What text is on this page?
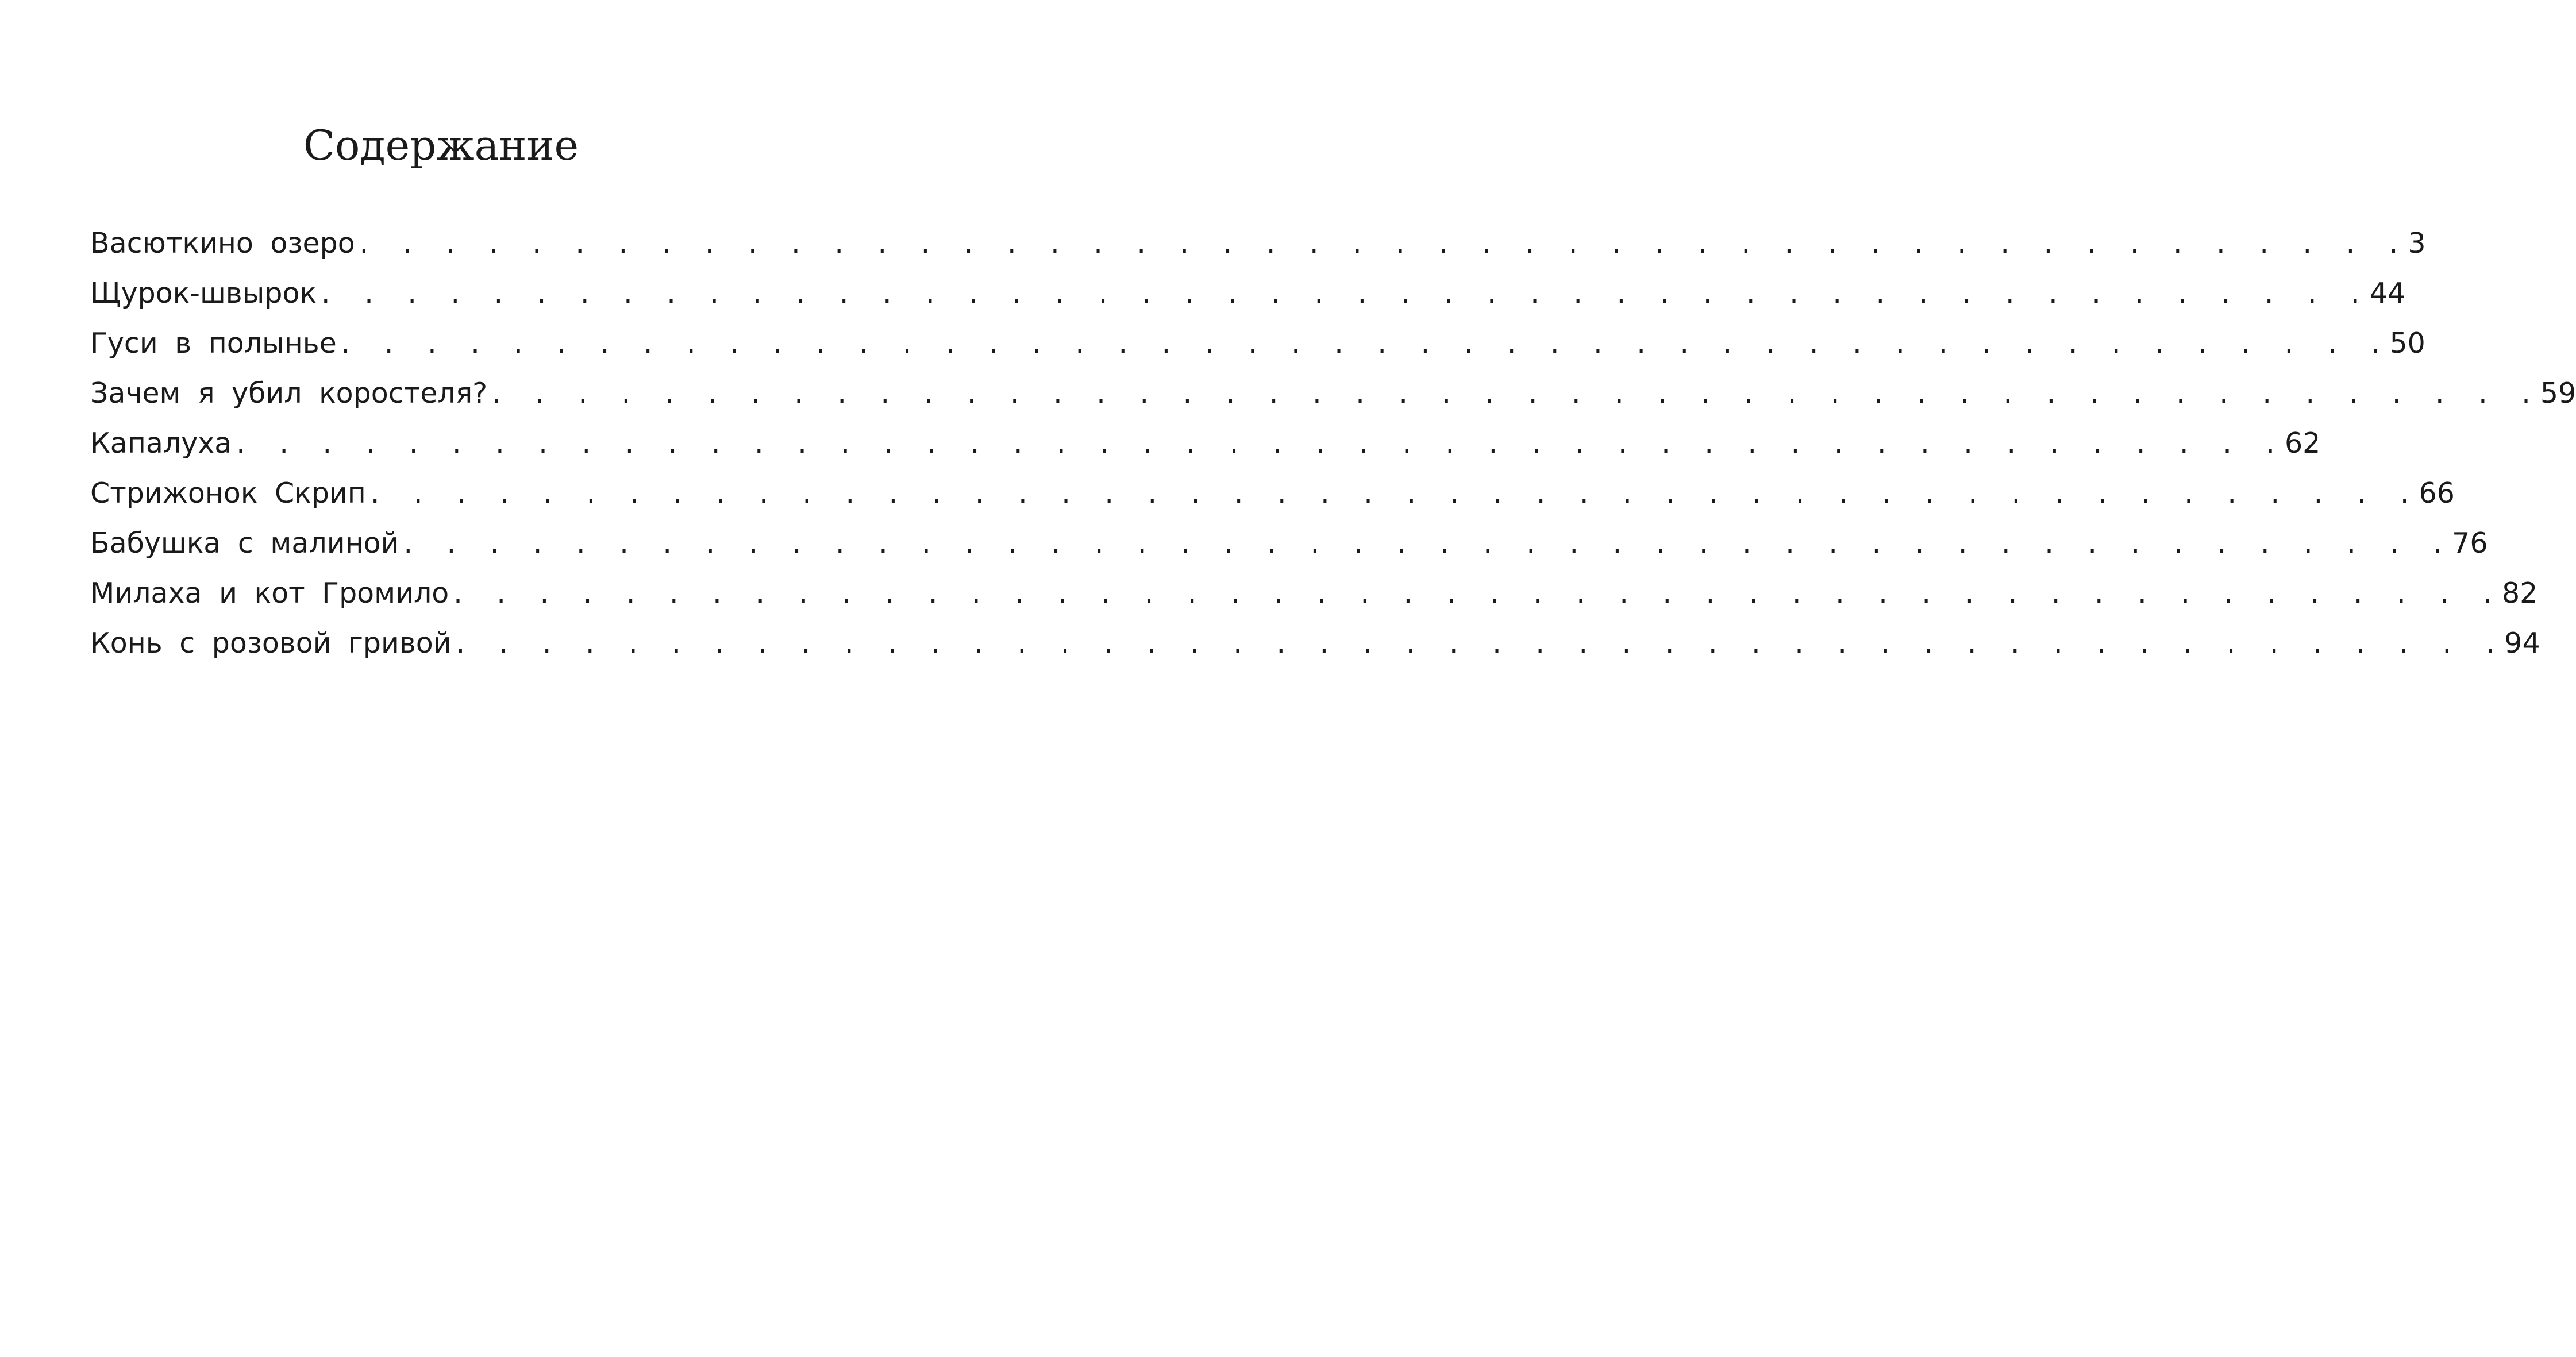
Содержание
Васюткино озеро . . . . . . . . . . . . . . . . . . . . . . . . . . . . . . . . . . . . . . . . . . . . . . . . 3
Щурок-швырок . . . . . . . . . . . . . . . . . . . . . . . . . . . . . . . . . . . . . . . . . . . . . . . . 44
Гуси в полынье . . . . . . . . . . . . . . . . . . . . . . . . . . . . . . . . . . . . . . . . . . . . . . . . 50
Зачем я убил коростеля? . . . . . . . . . . . . . . . . . . . . . . . . . . . . . . . . . . . . . . . . . . . . . . . . 59
Капалуха . . . . . . . . . . . . . . . . . . . . . . . . . . . . . . . . . . . . . . . . . . . . . . . . 62
Стрижонок Скрип . . . . . . . . . . . . . . . . . . . . . . . . . . . . . . . . . . . . . . . . . . . . . . . . 66
Бабушка с малиной . . . . . . . . . . . . . . . . . . . . . . . . . . . . . . . . . . . . . . . . . . . . . . . . 76
Милаха и кот Громило . . . . . . . . . . . . . . . . . . . . . . . . . . . . . . . . . . . . . . . . . . . . . . . . 82
Конь с розовой гривой . . . . . . . . . . . . . . . . . . . . . . . . . . . . . . . . . . . . . . . . . . . . . . . . 94
